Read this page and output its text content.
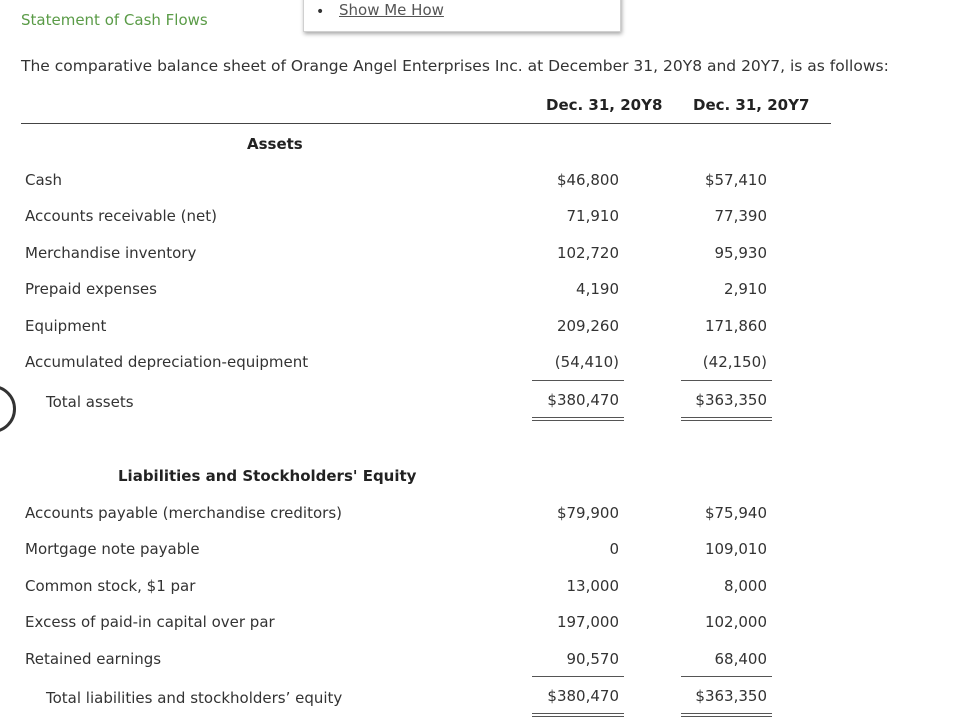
Statement of Cash Flows	• Show Me How
The comparative balance sheet of Orange Angel Enterprises Inc. at December 31, 20Y8 and 20Y7, is as follows:
Dec. 31, 20Y8 Dec. 31, 20Y7
Assets
Cash	$46,800	$57,410
Accounts receivable (net)	71,910	77,390
Merchandise inventory	102,720	95,930
Prepaid expenses	4,190	2,910
Equipment	209,260	171,860
Accumulated depreciation-equipment	(54,410)	(42,150)
Total assets	$380,470	$363,350
Liabilities and Stockholders' Equity
Accounts payable (merchandise creditors)	$79,900	$75,940
Mortgage note payable	0	109,010
Common stock, $1 par	13,000	8,000
Excess of paid-in capital over par	197,000	102,000
Retained earnings	90,570	68,400
Total liabilities and stockholders’ equity	$380,470	$363,350
